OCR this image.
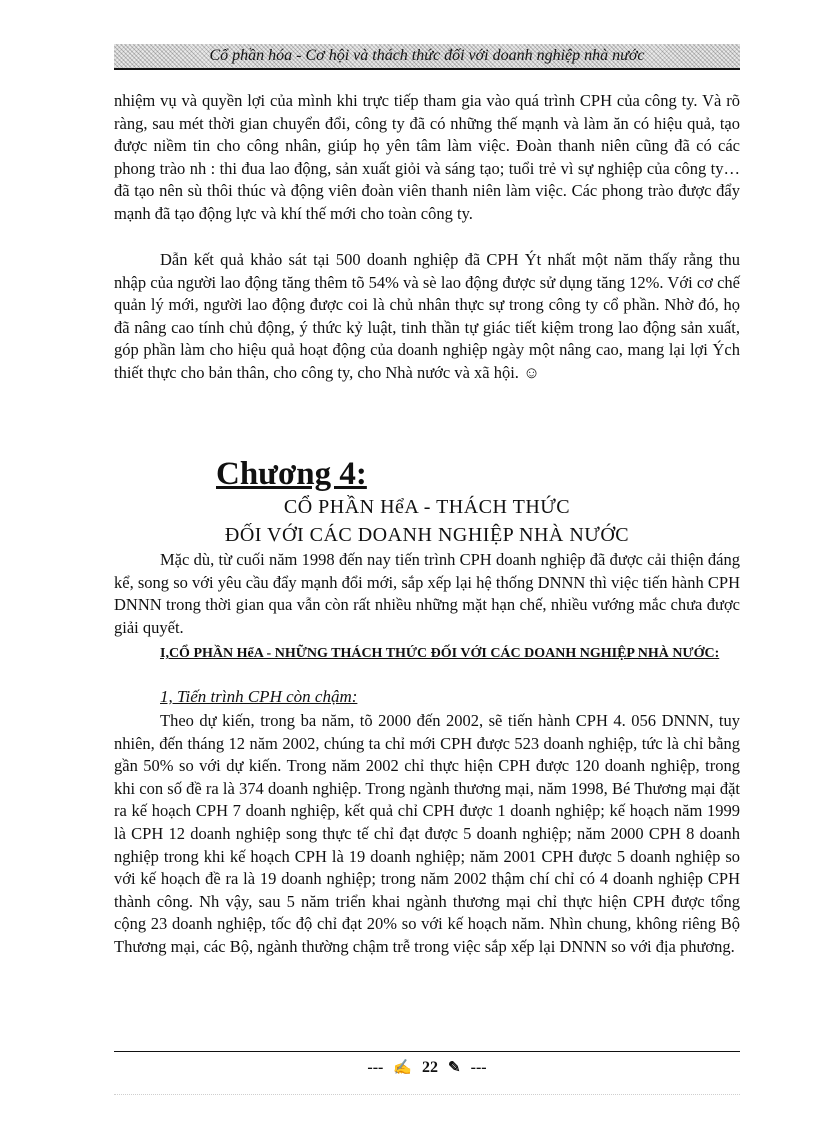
Cổ phần hóa - Cơ hội và thách thức đối với doanh nghiệp nhà nước

nhiệm vụ và quyền lợi của mình khi trực tiếp tham gia vào quá trình CPH của công ty. Và rõ ràng, sau mét thời gian chuyển đổi, công ty đã có những thế mạnh và làm ăn có hiệu quả, tạo được niềm tin cho công nhân, giúp họ yên tâm làm việc. Đoàn thanh niên cũng đã có các phong trào nh : thi đua lao động, sản xuất giỏi và sáng tạo; tuổi trẻ vì sự nghiệp của công ty… đã tạo nên sù thôi thúc và động viên đoàn viên thanh niên làm việc. Các phong trào được đẩy mạnh đã tạo động lực và khí thế mới cho toàn công ty.

Dẫn kết quả khảo sát tại 500 doanh nghiệp đã CPH Ýt nhất một năm thấy rằng thu nhập của người lao động tăng thêm tõ 54% và sè lao động được sử dụng tăng 12%. Với cơ chế quản lý mới, người lao động được coi là chủ nhân thực sự trong công ty cổ phần. Nhờ đó, họ đã nâng cao tính chủ động, ý thức kỷ luật, tinh thần tự giác tiết kiệm trong lao động sản xuất, góp phần làm cho hiệu quả hoạt động của doanh nghiệp ngày một nâng cao, mang lại lợi Ých thiết thực cho bản thân, cho công ty, cho Nhà nước và xã hội. ☺

Chương 4:
CỔ PHẦN HểA - THÁCH THỨC
ĐỐI VỚI CÁC DOANH NGHIỆP NHÀ NƯỚC

Mặc dù, từ cuối năm 1998 đến nay tiến trình CPH doanh nghiệp đã được cải thiện đáng kể, song so với yêu cầu đẩy mạnh đổi mới, sắp xếp lại hệ thống DNNN thì việc tiến hành CPH DNNN trong thời gian qua vẫn còn rất nhiều những mặt hạn chế, nhiều vướng mắc chưa được giải quyết.

I,CỔ PHẦN HểA - NHỮNG THÁCH THỨC ĐỐI VỚI CÁC DOANH NGHIỆP NHÀ NƯỚC:
1, Tiến trình CPH còn chậm:

Theo dự kiến, trong ba năm, tõ 2000 đến 2002, sẽ tiến hành CPH 4. 056 DNNN, tuy nhiên, đến tháng 12 năm 2002, chúng ta chỉ mới CPH được 523 doanh nghiệp, tức là chỉ bằng gần 50% so với dự kiến. Trong năm 2002 chỉ thực hiện CPH được 120 doanh nghiệp, trong khi con số đề ra là 374 doanh nghiệp. Trong ngành thương mại, năm 1998, Bé Thương mại đặt ra kế hoạch CPH 7 doanh nghiệp, kết quả chỉ CPH được 1 doanh nghiệp; kế hoạch năm 1999 là CPH 12 doanh nghiệp song thực tế chỉ đạt được 5 doanh nghiệp; năm 2000 CPH 8 doanh nghiệp trong khi kế hoạch CPH là 19 doanh nghiệp; năm 2001 CPH được 5 doanh nghiệp so với kế hoạch đề ra là 19 doanh nghiệp; trong năm 2002 thậm chí chỉ có 4 doanh nghiệp CPH thành công. Nh vậy, sau 5 năm triển khai ngành thương mại chỉ thực hiện CPH được tổng cộng 23 doanh nghiệp, tốc độ chỉ đạt 20% so với kế hoạch năm. Nhìn chung, không riêng Bộ Thương mại, các Bộ, ngành thường chậm trễ trong việc sắp xếp lại DNNN so với địa phương.

--- ✍ 22 ✎ ---
